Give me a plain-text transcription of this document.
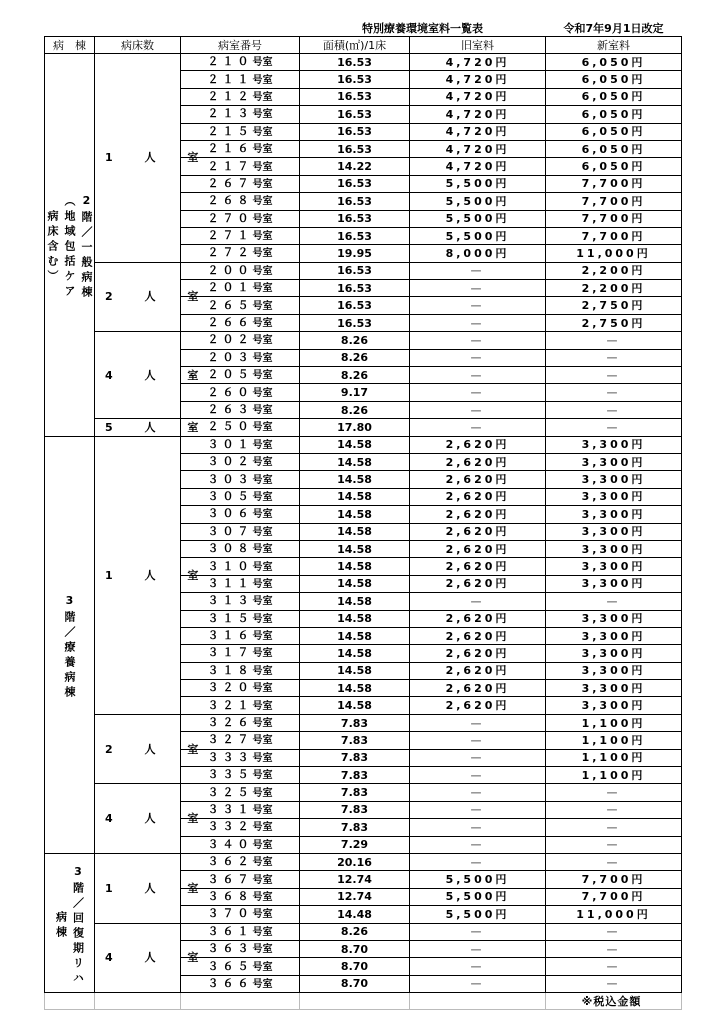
			特別療養環境室料一覧表		令和7年9月1日改定
病　棟	病床数	病室番号	面積(㎡)/1床	旧室料	新室料

2階／一般病棟
（地域包括ケア
病床含む）	1 人 室	２１０号室	16.53	4,720円	6,050円
		２１１号室	16.53	4,720円	6,050円
		２１２号室	16.53	4,720円	6,050円
		２１３号室	16.53	4,720円	6,050円
		２１５号室	16.53	4,720円	6,050円
		２１６号室	16.53	4,720円	6,050円
		２１７号室	14.22	4,720円	6,050円
		２６７号室	16.53	5,500円	7,700円
		２６８号室	16.53	5,500円	7,700円
		２７０号室	16.53	5,500円	7,700円
		２７１号室	16.53	5,500円	7,700円
		２７２号室	19.95	8,000円	11,000円
	2 人 室	２００号室	16.53	—	2,200円
		２０１号室	16.53	—	2,200円
		２６５号室	16.53	—	2,750円
		２６６号室	16.53	—	2,750円
	4 人 室	２０２号室	8.26	—	—
		２０３号室	8.26	—	—
		２０５号室	8.26	—	—
		２６０号室	9.17	—	—
		２６３号室	8.26	—	—
	5 人 室	２５０号室	17.80	—	—

3階／療養病棟	1 人 室	３０１号室	14.58	2,620円	3,300円
		３０２号室	14.58	2,620円	3,300円
		３０３号室	14.58	2,620円	3,300円
		３０５号室	14.58	2,620円	3,300円
		３０６号室	14.58	2,620円	3,300円
		３０７号室	14.58	2,620円	3,300円
		３０８号室	14.58	2,620円	3,300円
		３１０号室	14.58	2,620円	3,300円
		３１１号室	14.58	2,620円	3,300円
		３１３号室	14.58	—	—
		３１５号室	14.58	2,620円	3,300円
		３１６号室	14.58	2,620円	3,300円
		３１７号室	14.58	2,620円	3,300円
		３１８号室	14.58	2,620円	3,300円
		３２０号室	14.58	2,620円	3,300円
		３２１号室	14.58	2,620円	3,300円
	2 人 室	３２６号室	7.83	—	1,100円
		３２７号室	7.83	—	1,100円
		３３３号室	7.83	—	1,100円
		３３５号室	7.83	—	1,100円
	4 人 室	３２５号室	7.83	—	—
		３３１号室	7.83	—	—
		３３２号室	7.83	—	—
		３４０号室	7.29	—	—

3階／回復期リハ
病棟	1 人 室	３６２号室	20.16	—	—
		３６７号室	12.74	5,500円	7,700円
		３６８号室	12.74	5,500円	7,700円
		３７０号室	14.48	5,500円	11,000円
	4 人 室	３６１号室	8.26	—	—
		３６３号室	8.70	—	—
		３６５号室	8.70	—	—
		３６６号室	8.70	—	—
					※税込金額
